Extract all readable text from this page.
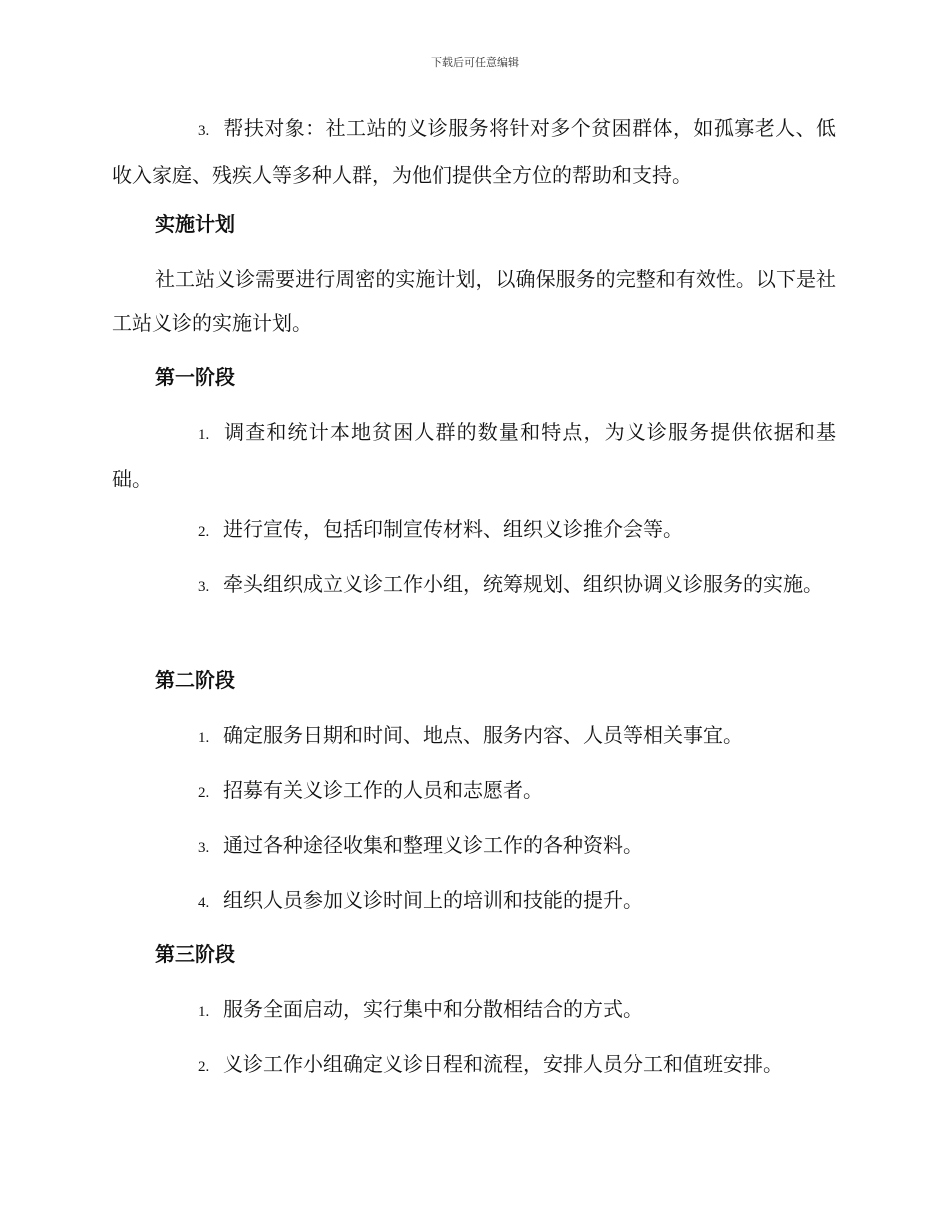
下载后可任意编辑
3. 帮扶对象：社工站的义诊服务将针对多个贫困群体，如孤寡老人、低收入家庭、残疾人等多种人群，为他们提供全方位的帮助和支持。
实施计划
社工站义诊需要进行周密的实施计划，以确保服务的完整和有效性。以下是社工站义诊的实施计划。
第一阶段
1. 调查和统计本地贫困人群的数量和特点，为义诊服务提供依据和基础。
2. 进行宣传，包括印制宣传材料、组织义诊推介会等。
3. 牵头组织成立义诊工作小组，统筹规划、组织协调义诊服务的实施。
第二阶段
1. 确定服务日期和时间、地点、服务内容、人员等相关事宜。
2. 招募有关义诊工作的人员和志愿者。
3. 通过各种途径收集和整理义诊工作的各种资料。
4. 组织人员参加义诊时间上的培训和技能的提升。
第三阶段
1. 服务全面启动，实行集中和分散相结合的方式。
2. 义诊工作小组确定义诊日程和流程，安排人员分工和值班安排。
